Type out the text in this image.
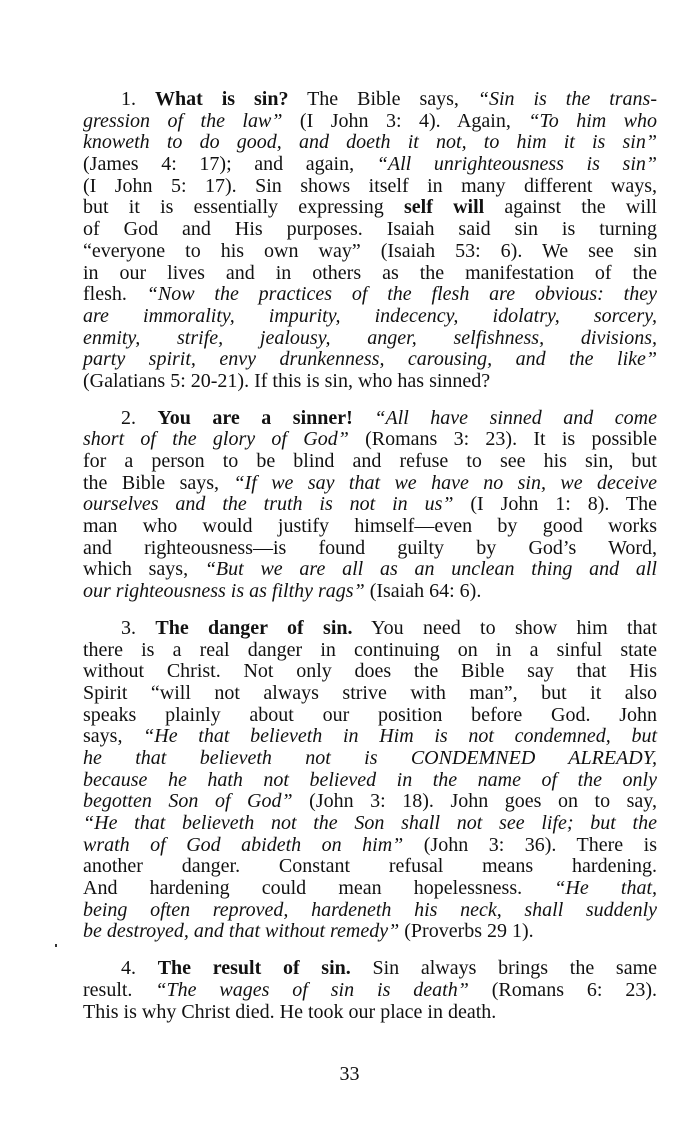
1. What is sin? The Bible says, “Sin is the trans-
gression of the law” (I John 3: 4). Again, “To him who
knoweth to do good, and doeth it not, to him it is sin”
(James 4: 17); and again, “All unrighteousness is sin”
(I John 5: 17). Sin shows itself in many different ways,
but it is essentially expressing self will against the will
of God and His purposes. Isaiah said sin is turning
“everyone to his own way” (Isaiah 53: 6). We see sin
in our lives and in others as the manifestation of the
flesh. “Now the practices of the flesh are obvious: they
are immorality, impurity, indecency, idolatry, sorcery,
enmity, strife, jealousy, anger, selfishness, divisions,
party spirit, envy drunkenness, carousing, and the like”
(Galatians 5: 20-21). If this is sin, who has sinned?
2. You are a sinner! “All have sinned and come
short of the glory of God” (Romans 3: 23). It is possible
for a person to be blind and refuse to see his sin, but
the Bible says, “If we say that we have no sin, we deceive
ourselves and the truth is not in us” (I John 1: 8). The
man who would justify himself—even by good works
and righteousness—is found guilty by God’s Word,
which says, “But we are all as an unclean thing and all
our righteousness is as filthy rags” (Isaiah 64: 6).
3. The danger of sin. You need to show him that
there is a real danger in continuing on in a sinful state
without Christ. Not only does the Bible say that His
Spirit “will not always strive with man”, but it also
speaks plainly about our position before God. John
says, “He that believeth in Him is not condemned, but
he that believeth not is CONDEMNED ALREADY,
because he hath not believed in the name of the only
begotten Son of God” (John 3: 18). John goes on to say,
“He that believeth not the Son shall not see life; but the
wrath of God abideth on him” (John 3: 36). There is
another danger. Constant refusal means hardening.
And hardening could mean hopelessness. “He that,
being often reproved, hardeneth his neck, shall suddenly
be destroyed, and that without remedy” (Proverbs 29 1).
4. The result of sin. Sin always brings the same
result. “The wages of sin is death” (Romans 6: 23).
This is why Christ died. He took our place in death.
33
